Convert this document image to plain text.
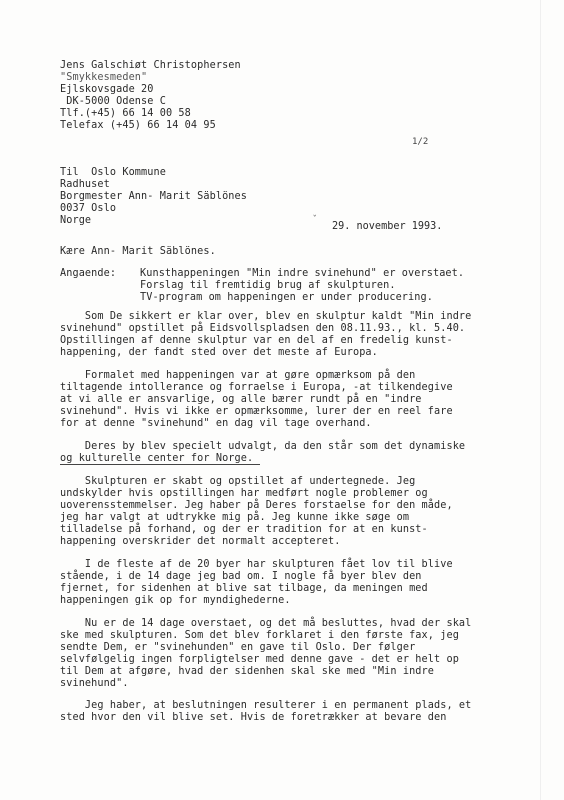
Jens Galschiøt Christophersen
"Smykkesmeden"
Ejlskovsgade 20
DK-5000 Odense C
Tlf.(+45) 66 14 00 58
Telefax (+45) 66 14 04 95
1/2
Til  Oslo Kommune
Radhuset
Borgmester Ann- Marit Säblönes
0037 Oslo
Norge	ˇ
29. november 1993.
Kære Ann- Marit Säblönes.
Angaende: Kunsthappeningen "Min indre svinehund" er overstaet.
Forslag til fremtidig brug af skulpturen.
TV-program om happeningen er under producering.
Som De sikkert er klar over, blev en skulptur kaldt "Min indre
svinehund" opstillet på Eidsvollspladsen den 08.11.93., kl. 5.40.
Opstillingen af denne skulptur var en del af en fredelig kunst-
happening, der fandt sted over det meste af Europa.
Formalet med happeningen var at gøre opmærksom på den
tiltagende intollerance og forraelse i Europa, -at tilkendegive
at vi alle er ansvarlige, og alle bærer rundt på en "indre
svinehund". Hvis vi ikke er opmærksomme, lurer der en reel fare
for at denne "svinehund" en dag vil tage overhand.
Deres by blev specielt udvalgt, da den står som det dynamiske
og kulturelle center for Norge.
Skulpturen er skabt og opstillet af undertegnede. Jeg
undskylder hvis opstillingen har medført nogle problemer og
uoverensstemmelser. Jeg haber på Deres forstaelse for den måde,
jeg har valgt at udtrykke mig på. Jeg kunne ikke søge om
tilladelse på forhand, og der er tradition for at en kunst-
happening overskrider det normalt accepteret.
I de fleste af de 20 byer har skulpturen fået lov til blive
stående, i de 14 dage jeg bad om. I nogle få byer blev den
fjernet, for sidenhen at blive sat tilbage, da meningen med
happeningen gik op for myndighederne.
Nu er de 14 dage overstaet, og det må besluttes, hvad der skal
ske med skulpturen. Som det blev forklaret i den første fax, jeg
sendte Dem, er "svinehunden" en gave til Oslo. Der følger
selvfølgelig ingen forpligtelser med denne gave - det er helt op
til Dem at afgøre, hvad der sidenhen skal ske med "Min indre
svinehund".
Jeg haber, at beslutningen resulterer i en permanent plads, et
sted hvor den vil blive set. Hvis de foretrækker at bevare den
